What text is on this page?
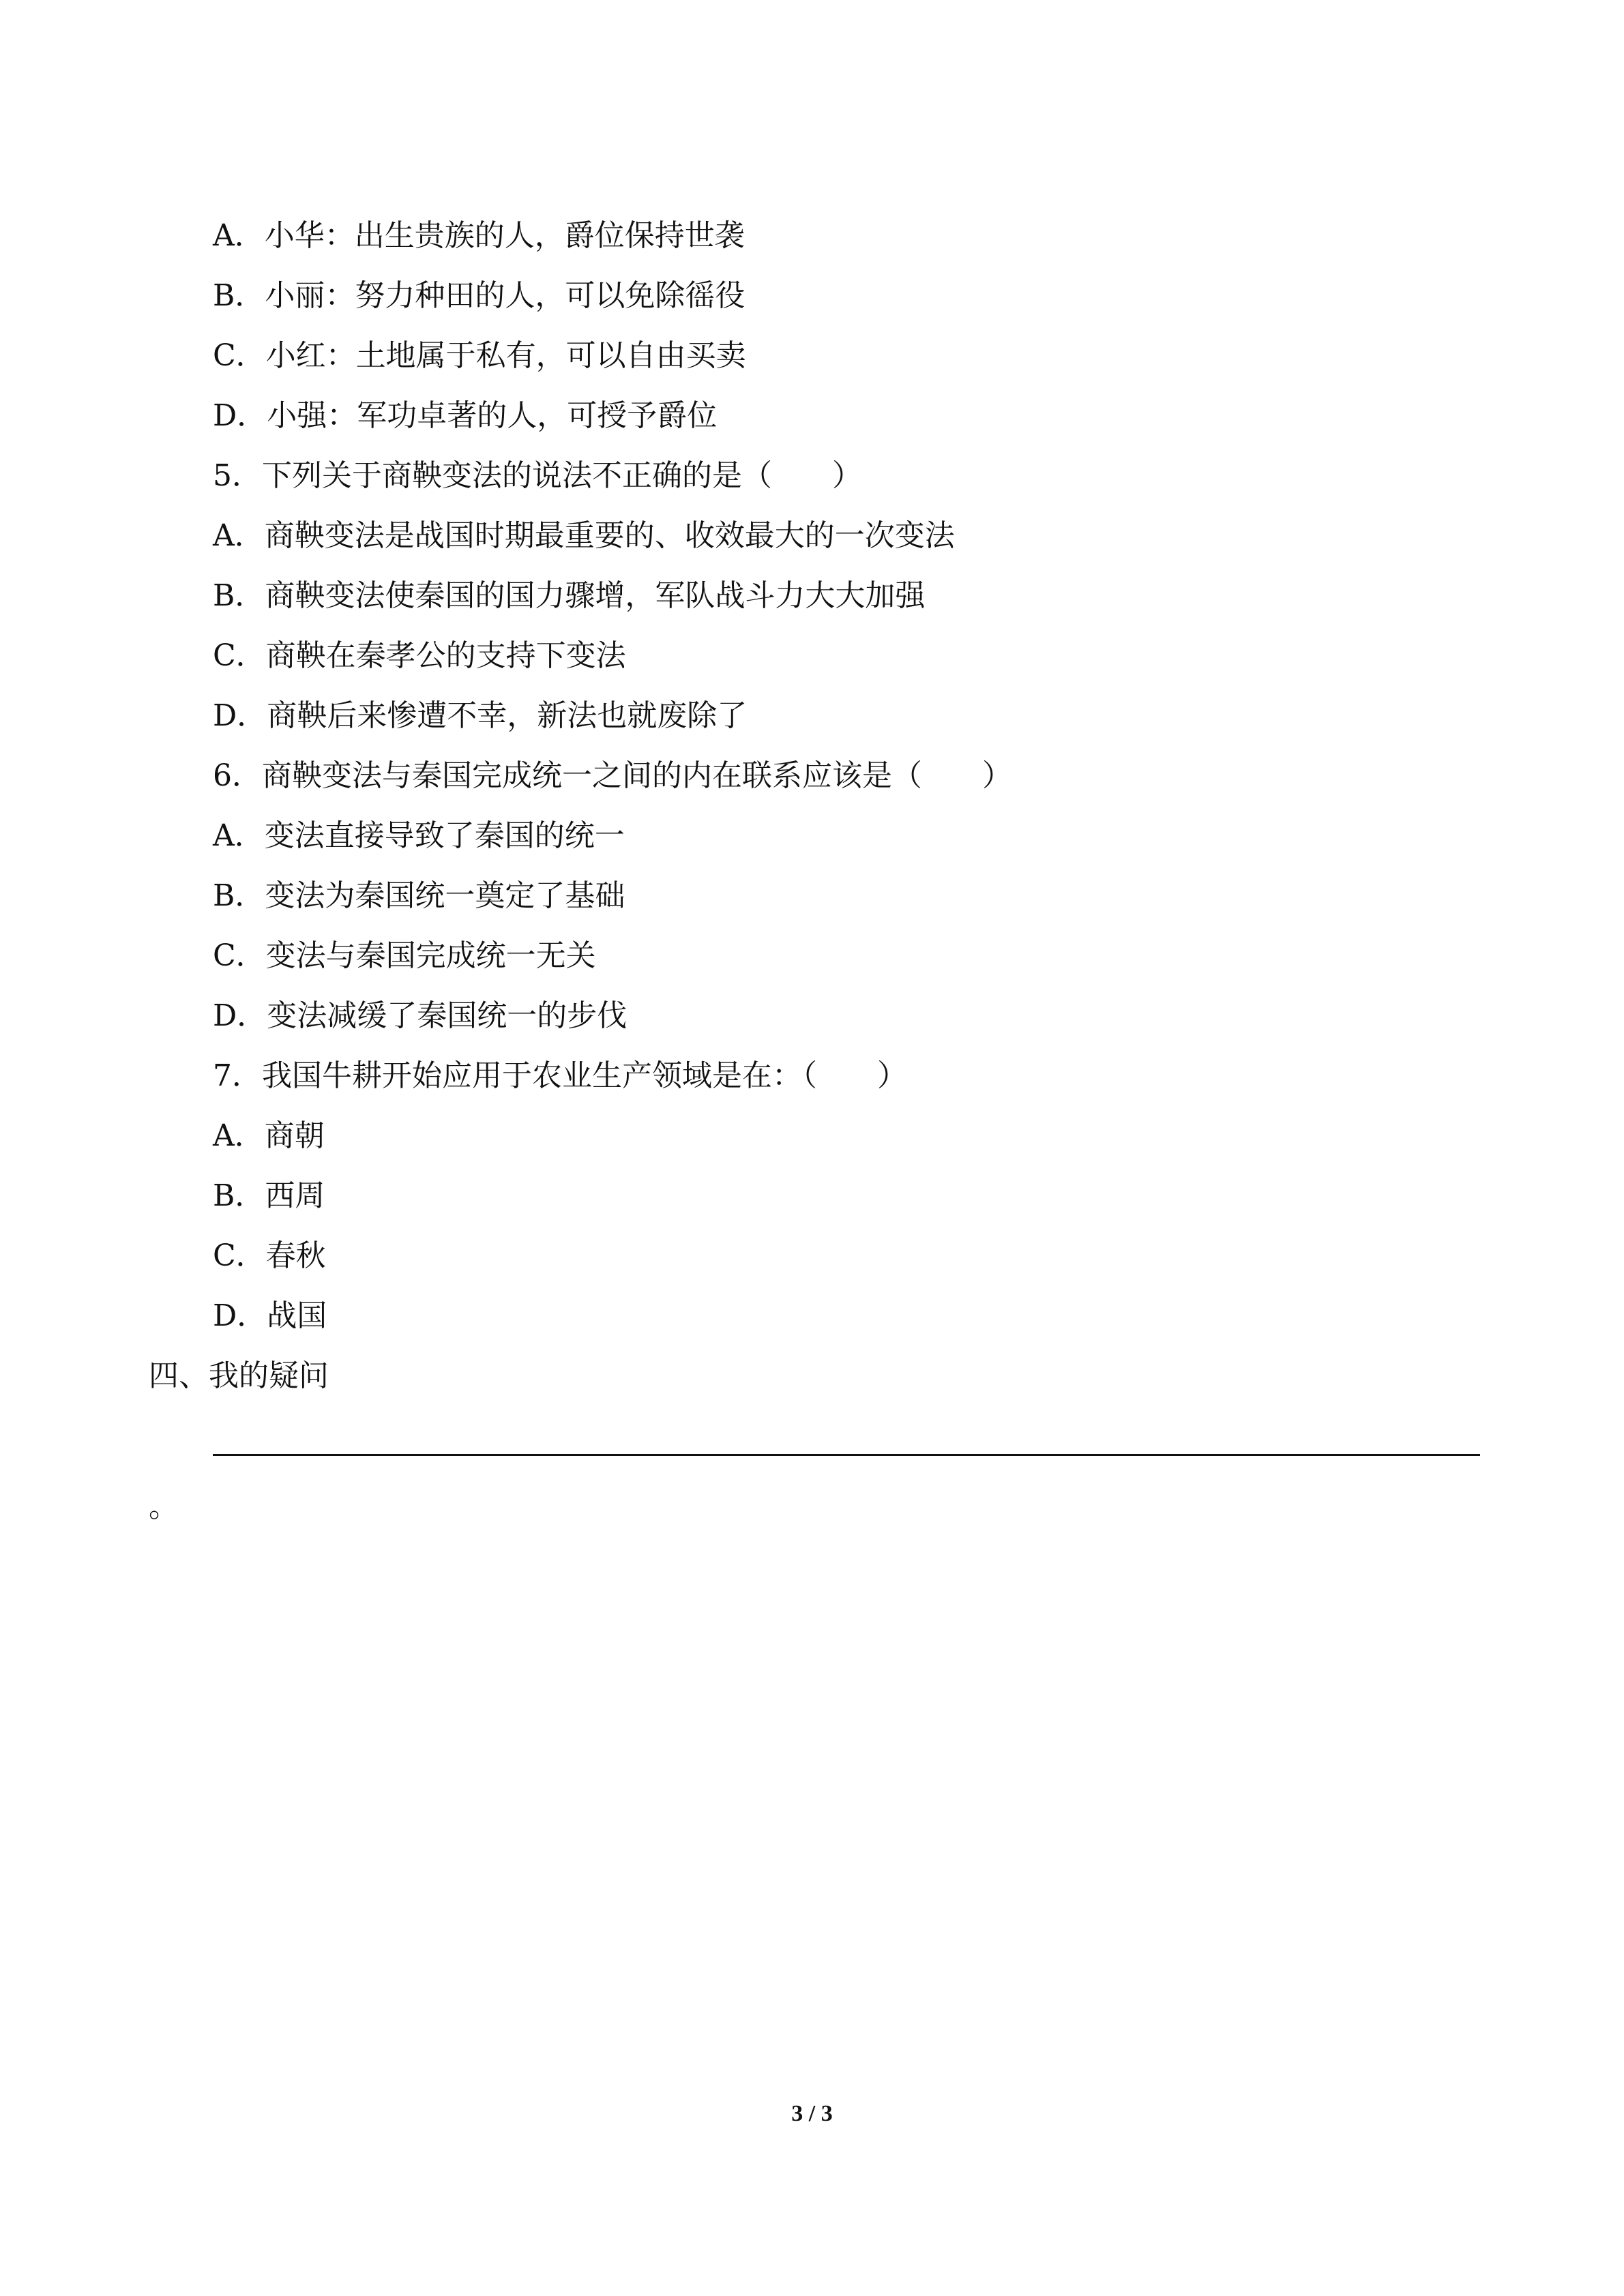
A．小华：出生贵族的人，爵位保持世袭
B．小丽：努力种田的人，可以免除徭役
C．小红：土地属于私有，可以自由买卖
D．小强：军功卓著的人，可授予爵位
5．下列关于商鞅变法的说法不正确的是（　　）
A．商鞅变法是战国时期最重要的、收效最大的一次变法
B．商鞅变法使秦国的国力骤增，军队战斗力大大加强
C．商鞅在秦孝公的支持下变法
D．商鞅后来惨遭不幸，新法也就废除了
6．商鞅变法与秦国完成统一之间的内在联系应该是（　　）
A．变法直接导致了秦国的统一
B．变法为秦国统一奠定了基础
C．变法与秦国完成统一无关
D．变法减缓了秦国统一的步伐
7．我国牛耕开始应用于农业生产领域是在：（　　）
A．商朝
B．西周
C．春秋
D．战国
四、我的疑问
。
3 / 3
